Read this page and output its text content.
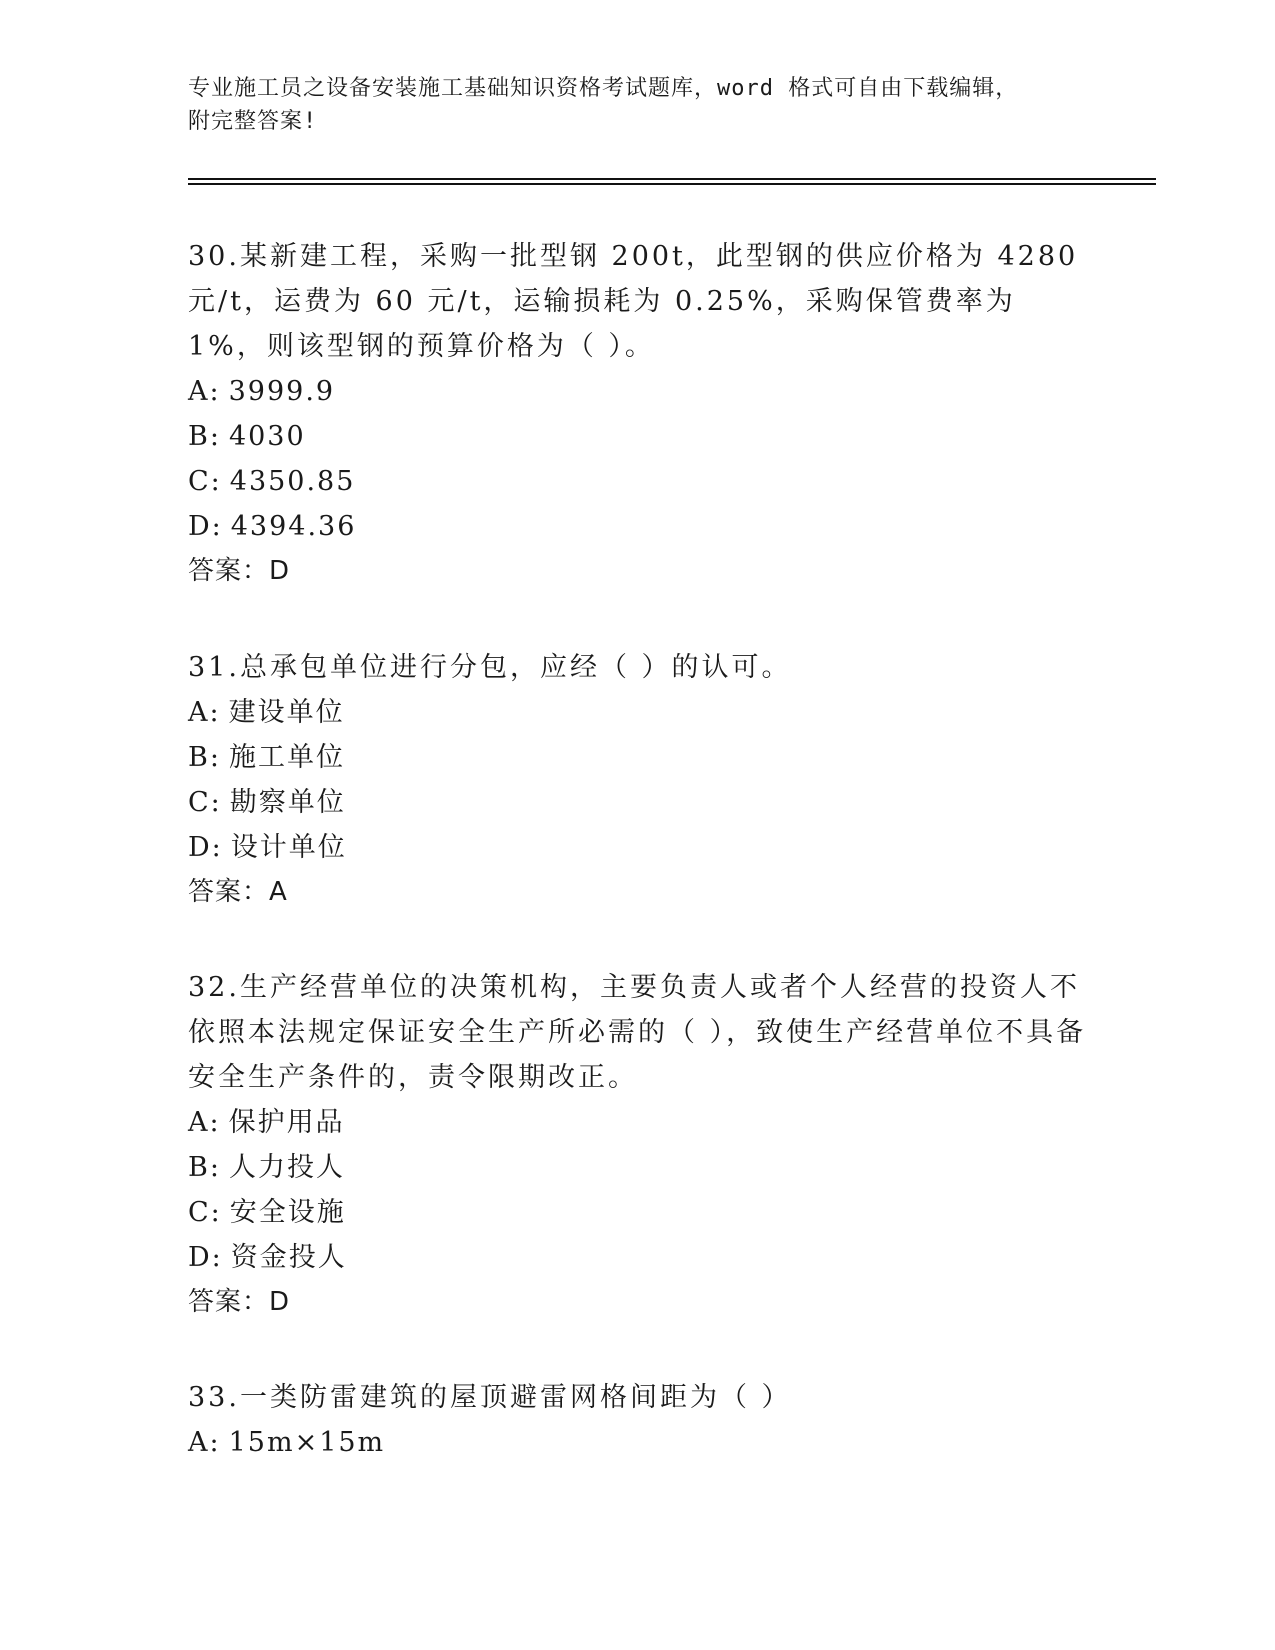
专业施工员之设备安装施工基础知识资格考试题库，word 格式可自由下载编辑，
附完整答案!

30.某新建工程，采购一批型钢 200t，此型钢的供应价格为 4280 元/t，运费为 60 元/t，运输损耗为 0.25%，采购保管费率为 1%，则该型钢的预算价格为（ ）。

A: 3999.9
B: 4030
C: 4350.85
D: 4394.36
答案：D

31.总承包单位进行分包，应经（ ）的认可。

A: 建设单位
B: 施工单位
C: 勘察单位
D: 设计单位
答案：A

32.生产经营单位的决策机构，主要负责人或者个人经营的投资人不依照本法规定保证安全生产所必需的（ ），致使生产经营单位不具备安全生产条件的，责令限期改正。

A: 保护用品
B: 人力投人
C: 安全设施
D: 资金投人
答案：D

33.一类防雷建筑的屋顶避雷网格间距为（ ）

A: 15m×15m
